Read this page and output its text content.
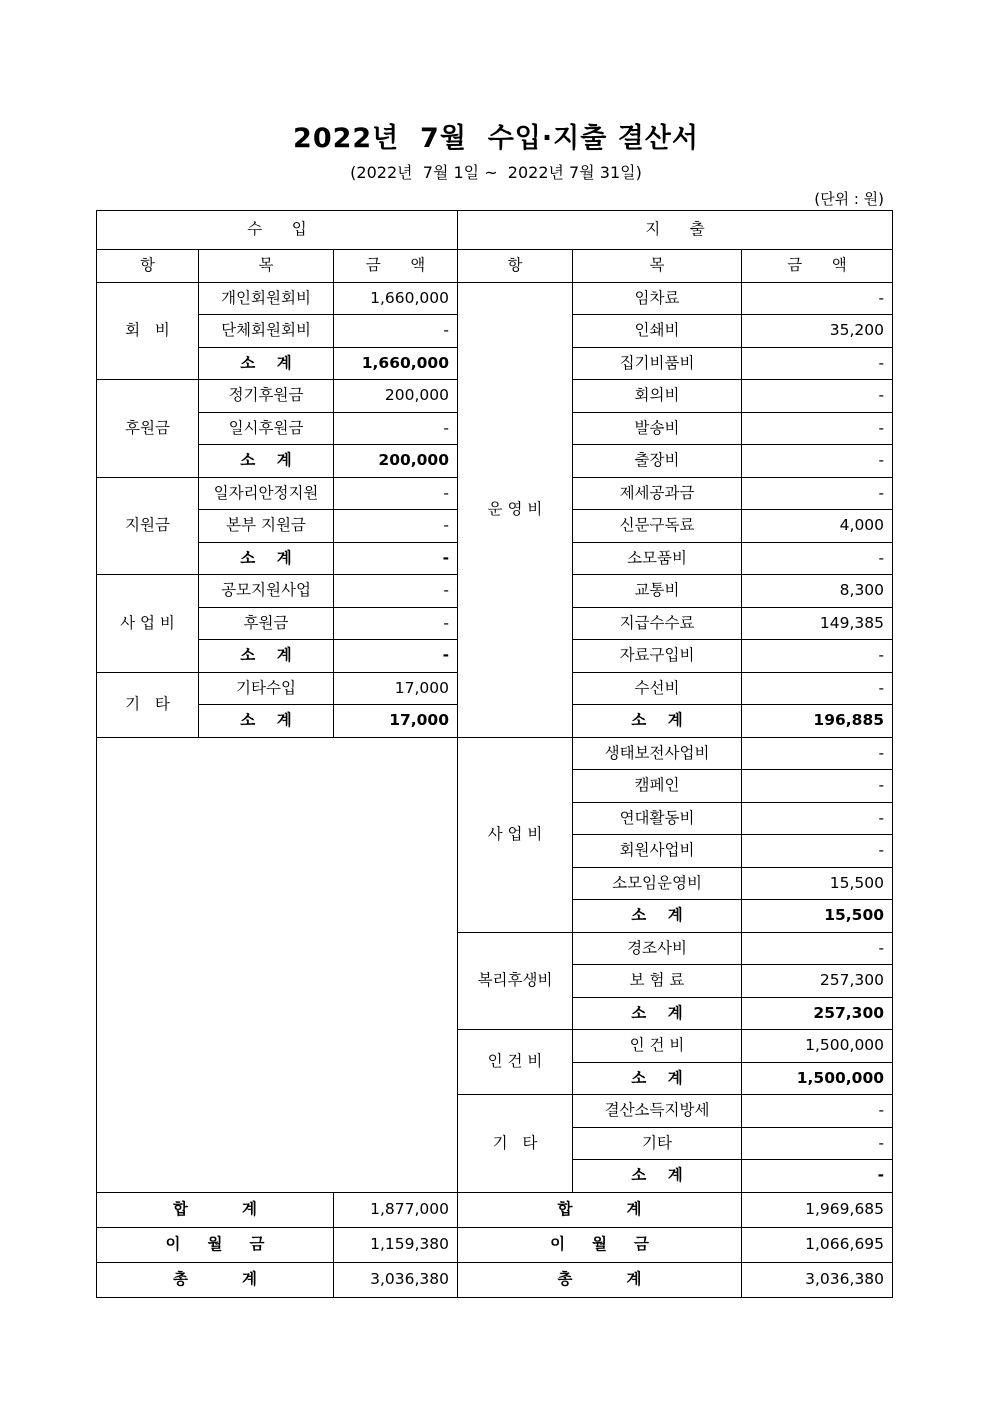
2022년  7월  수입·지출 결산서
(2022년  7월 1일 ~  2022년 7월 31일)
(단위 : 원)
수      입			지      출		
항	목	금      액	항	목	금      액
회   비	개인회원회비	1,660,000	운 영 비	임차료	-
	단체회원회비	-		인쇄비	35,200
	소    계	1,660,000		집기비품비	-
후원금	정기후원금	200,000		회의비	-
	일시후원금	-		발송비	-
	소    계	200,000		출장비	-
지원금	일자리안정지원	-		제세공과금	-
	본부 지원금	-		신문구독료	4,000
	소    계	-		소모품비	-
사 업 비	공모지원사업	-		교통비	8,300
	후원금	-		지급수수료	149,385
	소    계	-		자료구입비	-
기   타	기타수입	17,000		수선비	-
	소    계	17,000		소    계	196,885
			사 업 비	생태보전사업비	-
				캠페인	-
				연대활동비	-
				회원사업비	-
				소모임운영비	15,500
				소    계	15,500
			복리후생비	경조사비	-
				보 험 료	257,300
				소    계	257,300
			인 건 비	인 건 비	1,500,000
				소    계	1,500,000
			기   타	결산소득지방세	-
				기타	-
				소    계	-
합          계		1,877,000	합          계		1,969,685
이     월     금		1,159,380	이     월     금		1,066,695
총          계		3,036,380	총          계		3,036,380
